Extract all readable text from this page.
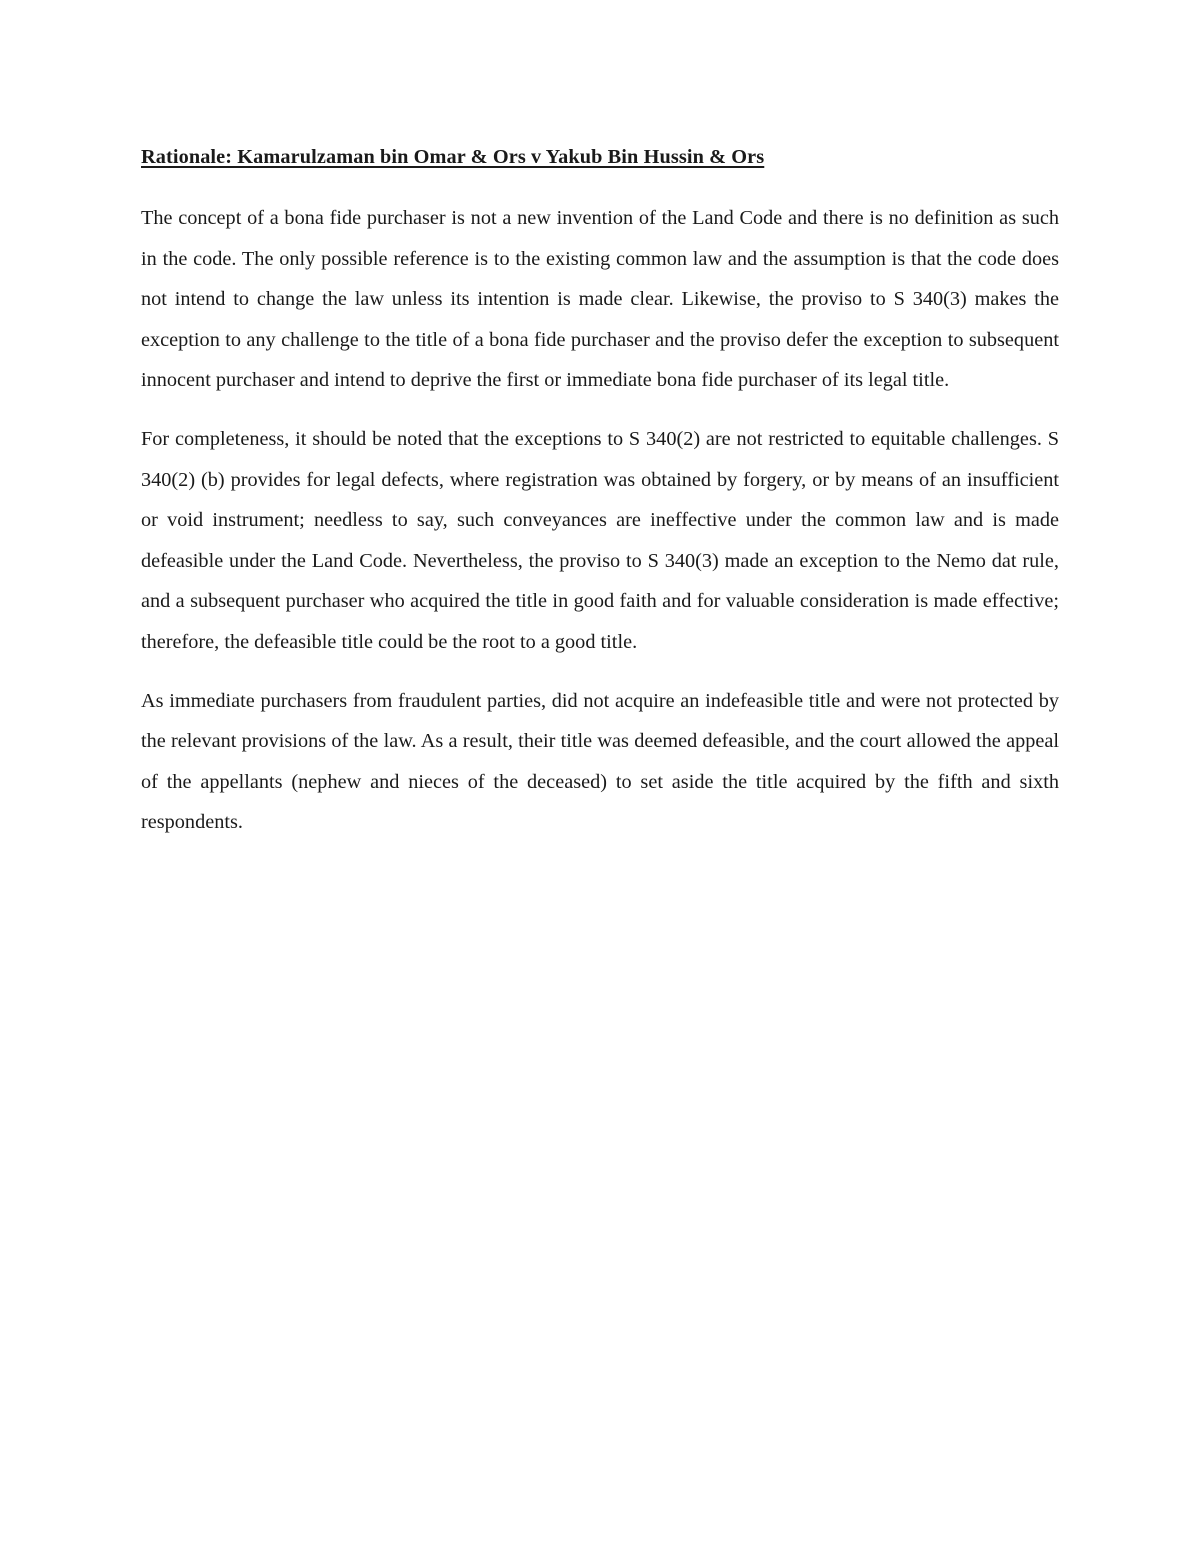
Rationale: Kamarulzaman bin Omar & Ors v Yakub Bin Hussin & Ors

The concept of a bona fide purchaser is not a new invention of the Land Code and there is no definition as such in the code. The only possible reference is to the existing common law and the assumption is that the code does not intend to change the law unless its intention is made clear. Likewise, the proviso to S 340(3) makes the exception to any challenge to the title of a bona fide purchaser and the proviso defer the exception to subsequent innocent purchaser and intend to deprive the first or immediate bona fide purchaser of its legal title.

For completeness, it should be noted that the exceptions to S 340(2) are not restricted to equitable challenges. S 340(2) (b) provides for legal defects, where registration was obtained by forgery, or by means of an insufficient or void instrument; needless to say, such conveyances are ineffective under the common law and is made defeasible under the Land Code. Nevertheless, the proviso to S 340(3) made an exception to the Nemo dat rule, and a subsequent purchaser who acquired the title in good faith and for valuable consideration is made effective; therefore, the defeasible title could be the root to a good title.

As immediate purchasers from fraudulent parties, did not acquire an indefeasible title and were not protected by the relevant provisions of the law. As a result, their title was deemed defeasible, and the court allowed the appeal of the appellants (nephew and nieces of the deceased) to set aside the title acquired by the fifth and sixth respondents.
